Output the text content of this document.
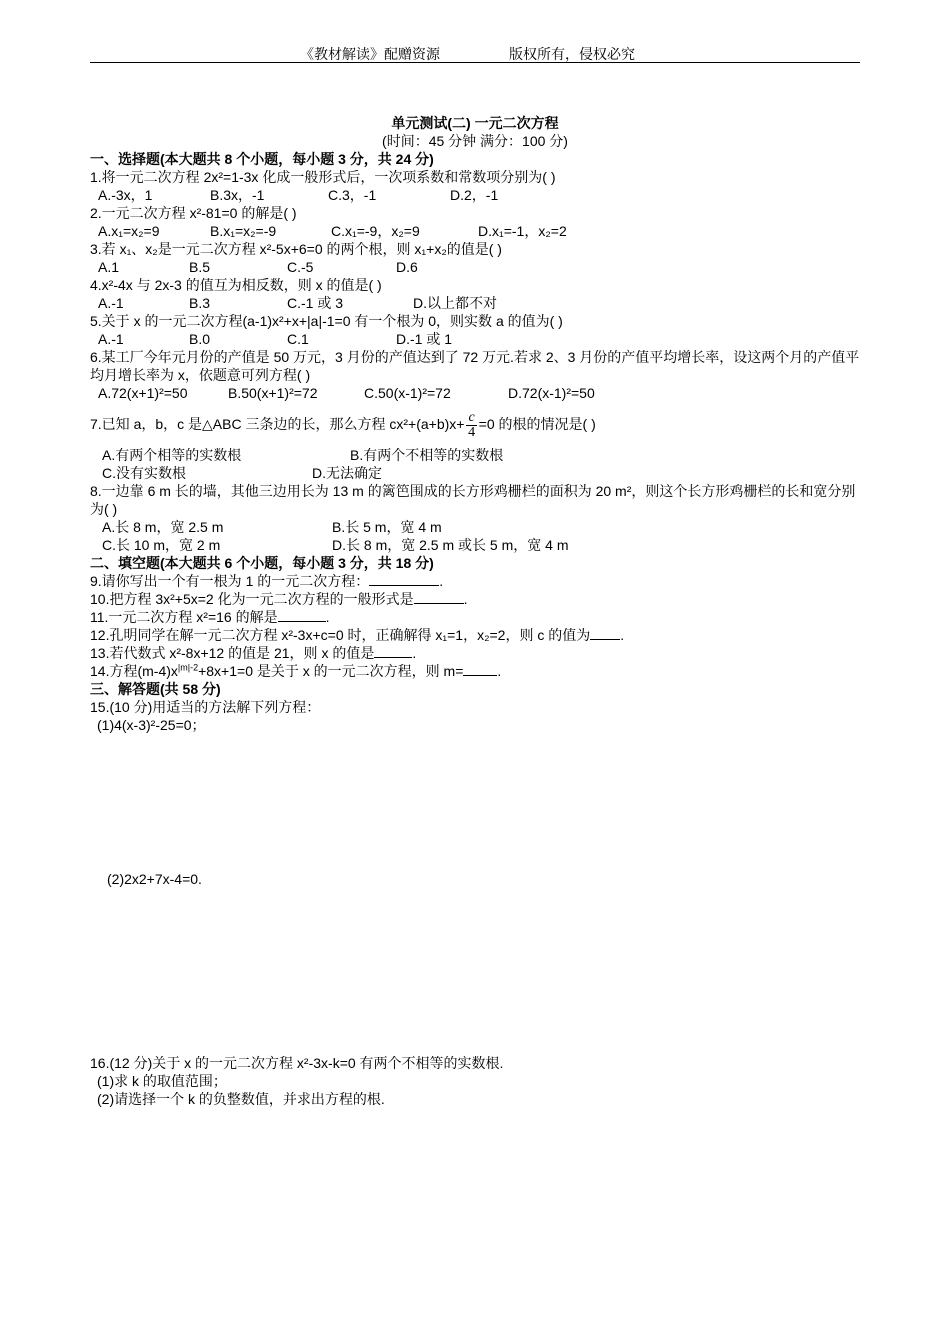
《教材解读》配赠资源	版权所有，侵权必究
单元测试(二) 一元二次方程
(时间：45 分钟 满分：100 分)
一、选择题(本大题共 8 个小题，每小题 3 分，共 24 分)
1.将一元二次方程 2x²=1-3x 化成一般形式后，一次项系数和常数项分别为( )
A.-3x，1	B.3x，-1	C.3，-1	D.2，-1
2.一元二次方程 x²-81=0 的解是( )
A.x₁=x₂=9	B.x₁=x₂=-9	C.x₁=-9，x₂=9	D.x₁=-1，x₂=2
3.若 x₁、x₂是一元二次方程 x²-5x+6=0 的两个根，则 x₁+x₂的值是( )
A.1	B.5	C.-5	D.6
4.x²-4x 与 2x-3 的值互为相反数，则 x 的值是( )
A.-1	B.3	C.-1 或 3	D.以上都不对
5.关于 x 的一元二次方程(a-1)x²+x+|a|-1=0 有一个根为 0，则实数 a 的值为( )
A.-1	B.0	C.1	D.-1 或 1
6.某工厂今年元月份的产值是 50 万元，3 月份的产值达到了 72 万元.若求 2、3 月份的产值平均增长率，设这两个月的产值平均月增长率为 x，依题意可列方程( )
A.72(x+1)²=50	B.50(x+1)²=72	C.50(x-1)²=72	D.72(x-1)²=50
7.已知 a，b，c 是△ABC 三条边的长，那么方程 $cx^2+(a+b)x+ \frac{c}{4} =0$ 的根的情况是( )
A.有两个相等的实数根	B.有两个不相等的实数根
C.没有实数根	D.无法确定
8.一边靠 6 m 长的墙，其他三边用长为 13 m 的篱笆围成的长方形鸡栅栏的面积为 20 m²，则这个长方形鸡栅栏的长和宽分别为( )
A.长 8 m，宽 2.5 m	B.长 5 m，宽 4 m
C.长 10 m，宽 2 m	D.长 8 m，宽 2.5 m 或长 5 m，宽 4 m
二、填空题(本大题共 6 个小题，每小题 3 分，共 18 分)
9.请你写出一个有一根为 1 的一元二次方程：	.
10.把方程 3x²+5x=2 化为一元二次方程的一般形式是	.
11.一元二次方程 x²=16 的解是	.
12.孔明同学在解一元二次方程 x²-3x+c=0 时，正确解得 x₁=1，x₂=2，则 c 的值为 .
13.若代数式 x²-8x+12 的值是 21，则 x 的值是	.
14.方程$(m-4)x^{|m|-2}+8x+1=0$ 是关于 x 的一元二次方程，则 m= .
三、解答题(共 58 分)
15.(10 分)用适当的方法解下列方程：
(1)4(x-3)²-25=0；
(2)2x2+7x-4=0.
16.(12 分)关于 x 的一元二次方程 x²-3x-k=0 有两个不相等的实数根.
(1)求 k 的取值范围；
(2)请选择一个 k 的负整数值，并求出方程的根.
